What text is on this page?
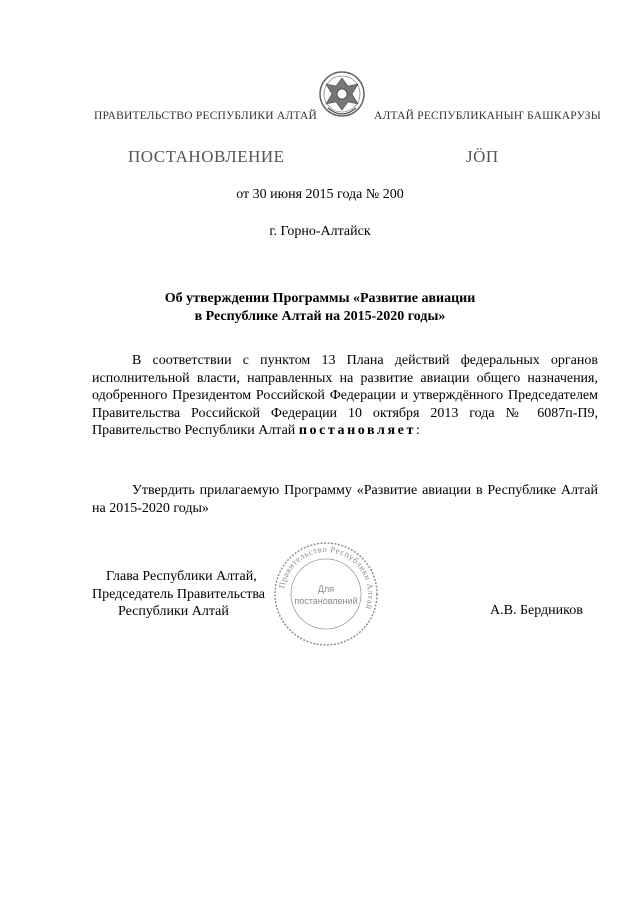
ПРАВИТЕЛЬСТВО РЕСПУБЛИКИ АЛТАЙ	АЛТАЙ РЕСПУБЛИКАНЫҤ БАШКАРУЗЫ
ПОСТАНОВЛЕНИЕ	JÖП
от 30 июня 2015 года № 200
г. Горно-Алтайск
Об утверждении Программы «Развитие авиации
в Республике Алтай на 2015-2020 годы»
В соответствии с пунктом 13 Плана действий федеральных органов исполнительной власти, направленных на развитие авиации общего назначения, одобренного Президентом Российской Федерации и утверждённого Председателем Правительства Российской Федерации 10 октября 2013 года № 6087п-П9, Правительство Республики Алтай постановляет:
Утвердить прилагаемую Программу «Развитие авиации в Республике Алтай на 2015-2020 годы»
Правительство Республики Алтай
Для
постановлений
Глава Республики Алтай,
Председатель Правительства
Республики Алтай	А.В. Бердников
